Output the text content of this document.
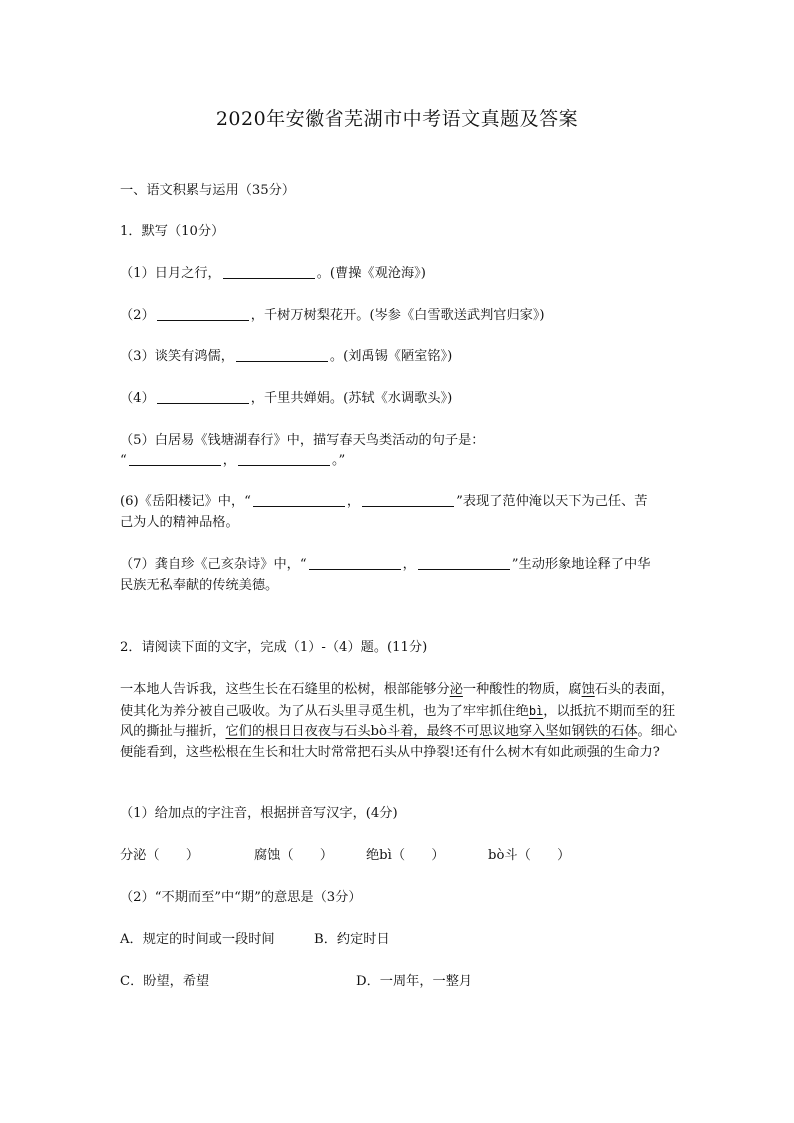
2020年安徽省芜湖市中考语文真题及答案
一、语文积累与运用（35分）
1．默写（10分）
（1）日月之行，	。(曹操《观沧海》)
（2）	，千树万树梨花开。(岑参《白雪歌送武判官归家》)
（3）谈笑有鸿儒，	。(刘禹锡《陋室铭》)
（4）	，千里共婵娟。(苏轼《水调歌头》)
（5）白居易《钱塘湖春行》中，描写春天鸟类活动的句子是：
“	，	。”
(6)《岳阳楼记》中，“	，	”表现了范仲淹以天下为己任、苦
己为人的精神品格。
（7）龚自珍《己亥杂诗》中，“	，	”生动形象地诠释了中华
民族无私奉献的传统美德。
2．请阅读下面的文字，完成（1）-（4）题。(11分)
一本地人告诉我，这些生长在石缝里的松树，根部能够分泌一种酸性的物质，腐蚀石头的表面，使其化为养分被自己吸收。为了从石头里寻觅生机，也为了牢牢抓住绝bì，以抵抗不期而至的狂风的撕扯与摧折，它们的根日日夜夜与石头bò斗着，最终不可思议地穿入坚如钢铁的石体。细心便能看到，这些松根在生长和壮大时常常把石头从中挣裂!还有什么树木有如此顽强的生命力?
（1）给加点的字注音，根据拼音写汉字，(4分)
分泌（　　）	腐蚀（　　） 绝bì（　　）	bò斗（　　）
（2）“不期而至”中“期”的意思是（3分）
A．规定的时间或一段时间	B．约定时日
C．盼望，希望	D．一周年，一整月
